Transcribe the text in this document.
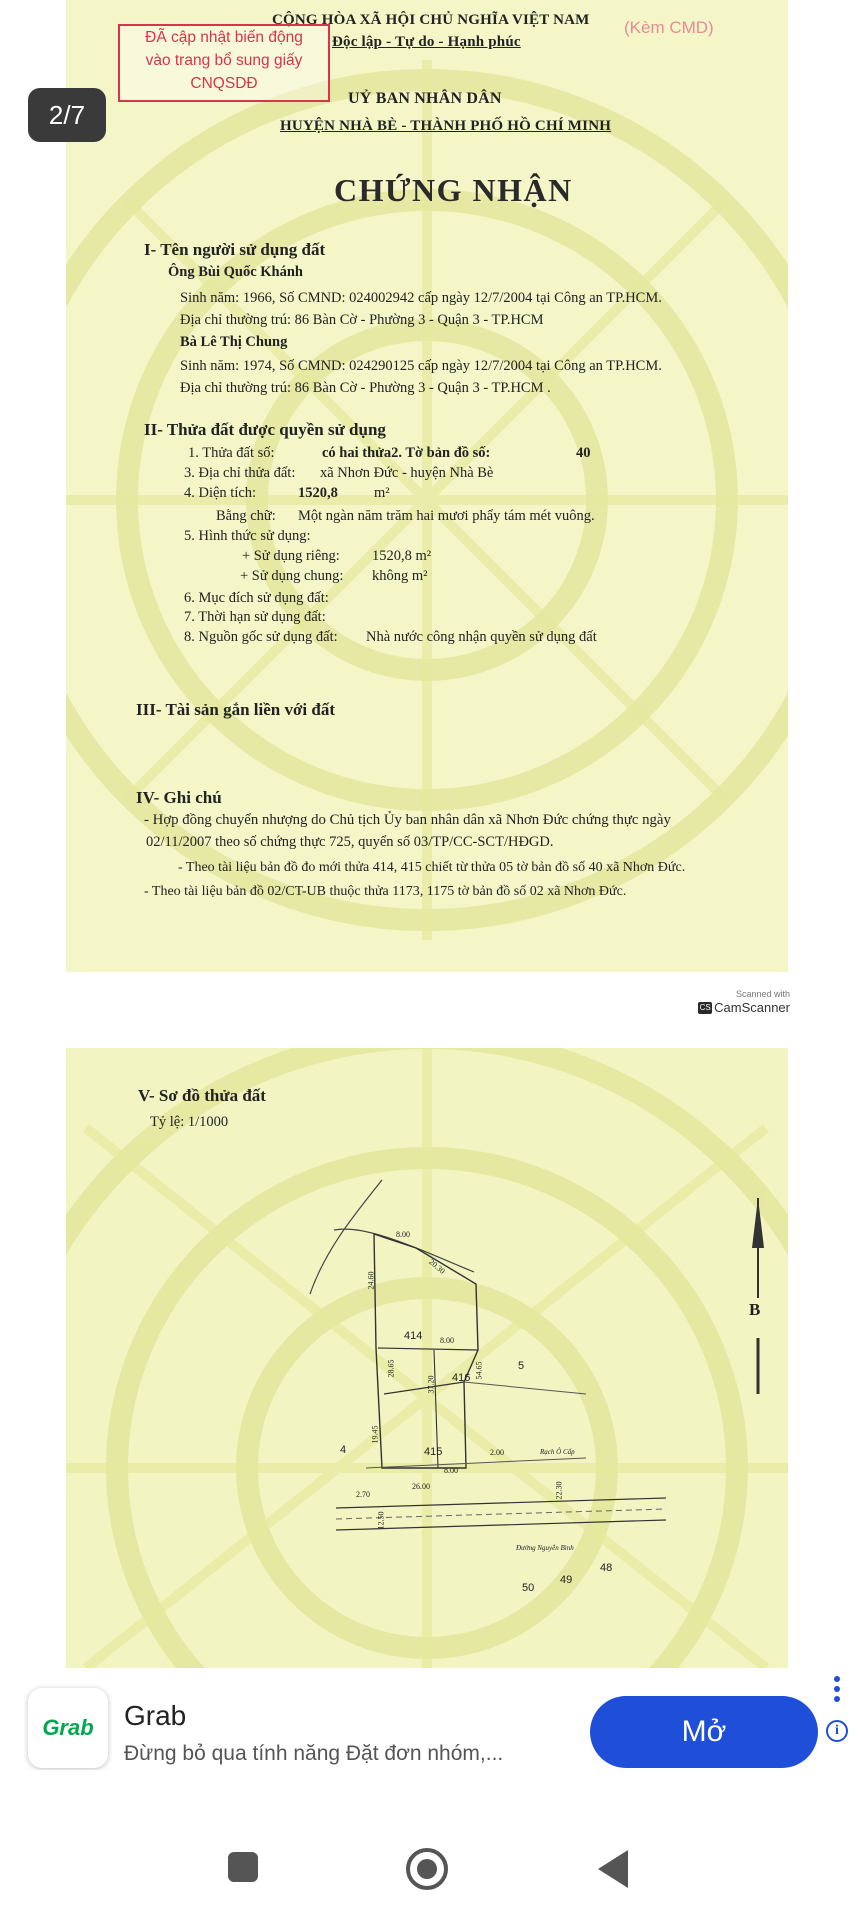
CỘNG HÒA XÃ HỘI CHỦ NGHĨA VIỆT NAM
Độc lập - Tự do - Hạnh phúc
(Kèm CMD)
ĐÃ cập nhật biến động
vào trang bổ sung giấy
CNQSDĐ
UỶ BAN NHÂN DÂN
HUYỆN NHÀ BÈ - THÀNH PHỐ HỒ CHÍ MINH
CHỨNG NHẬN
I- Tên người sử dụng đất
Ông Bùi Quốc Khánh
Sinh năm: 1966, Số CMND: 024002942 cấp ngày 12/7/2004 tại Công an TP.HCM.
Địa chỉ thường trú: 86 Bàn Cờ - Phường 3 - Quận 3 - TP.HCM
Bà Lê Thị Chung
Sinh năm: 1974, Số CMND: 024290125 cấp ngày 12/7/2004 tại Công an TP.HCM.
Địa chỉ thường trú: 86 Bàn Cờ - Phường 3 - Quận 3 - TP.HCM .
II- Thửa đất được quyền sử dụng
1. Thửa đất số:	có hai thửa2. Tờ bản đồ số:	40
3. Địa chỉ thửa đất: xã Nhơn Đức - huyện Nhà Bè
4. Diện tích:	1520,8 m²
Bằng chữ: Một ngàn năm trăm hai mươi phẩy tám mét vuông.
5. Hình thức sử dụng:
+ Sử dụng riêng: 1520,8 m²
+ Sử dụng chung: không m²
6. Mục đích sử dụng đất:
7. Thời hạn sử dụng đất:
8. Nguồn gốc sử dụng đất: Nhà nước công nhận quyền sử dụng đất
III- Tài sản gắn liền với đất
IV- Ghi chú
- Hợp đồng chuyển nhượng do Chủ tịch Ủy ban nhân dân xã Nhơn Đức chứng thực ngày
02/11/2007 theo số chứng thực 725, quyển số 03/TP/CC-SCT/HĐGD.
- Theo tài liệu bản đồ đo mới thửa 414, 415 chiết từ thửa 05 tờ bản đồ số 40 xã Nhơn Đức.
- Theo tài liệu bản đồ 02/CT-UB thuộc thửa 1173, 1175 tờ bản đồ số 02 xã Nhơn Đức.
2/7
Scanned with
CS CamScanner
V- Sơ đồ thửa đất
Tỷ lệ: 1/1000
B
414
416
415
4
5
48
49
50
8.00
24.60
20.30
8.00
28.65
37.20
54.65
19.45
2.00
8.00
26.00
2.70
12.50
22.30
Rạch Ô Cấp
Đường Nguyễn Bình
Grab	Grab
Đừng bỏ qua tính năng Đặt đơn nhóm,...
Mở	i
